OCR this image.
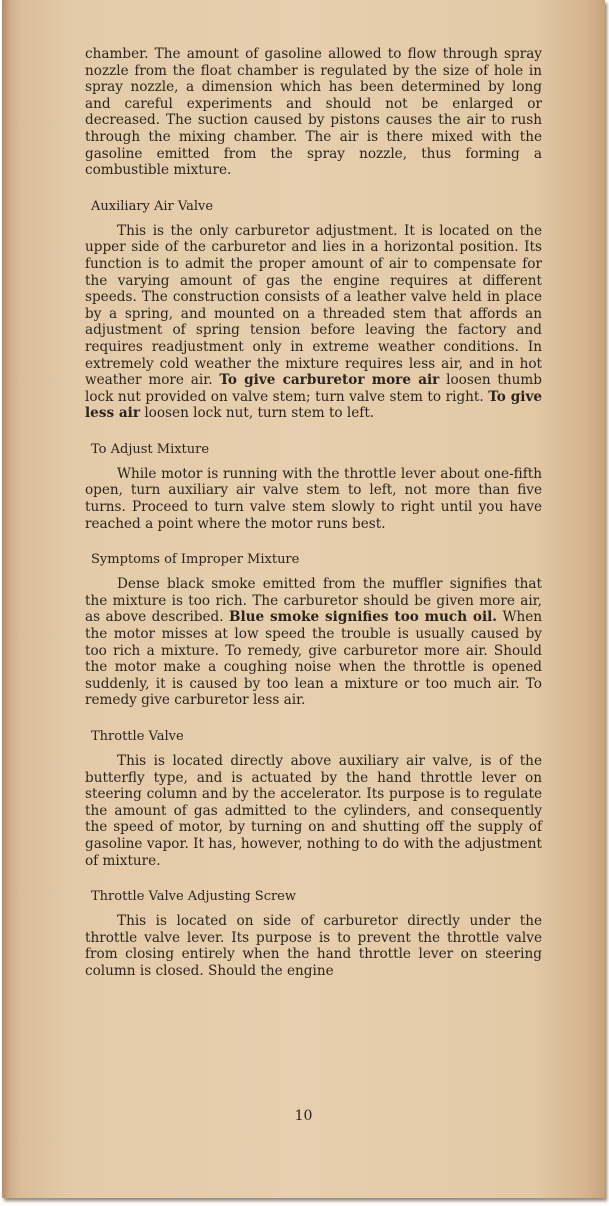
chamber. The amount of gasoline allowed to flow through spray nozzle from the float chamber is regulated by the size of hole in spray nozzle, a dimension which has been determined by long and careful experiments and should not be enlarged or decreased. The suction caused by pistons causes the air to rush through the mixing chamber. The air is there mixed with the gasoline emitted from the spray nozzle, thus forming a combustible mixture.

Auxiliary Air Valve

This is the only carburetor adjustment. It is located on the upper side of the carburetor and lies in a horizontal position. Its function is to admit the proper amount of air to compensate for the varying amount of gas the engine requires at different speeds. The construction consists of a leather valve held in place by a spring, and mounted on a threaded stem that affords an adjustment of spring tension before leaving the factory and requires readjustment only in extreme weather conditions. In extremely cold weather the mixture requires less air, and in hot weather more air. To give carburetor more air loosen thumb lock nut provided on valve stem; turn valve stem to right. To give less air loosen lock nut, turn stem to left.

To Adjust Mixture

While motor is running with the throttle lever about one-fifth open, turn auxiliary air valve stem to left, not more than five turns. Proceed to turn valve stem slowly to right until you have reached a point where the motor runs best.

Symptoms of Improper Mixture

Dense black smoke emitted from the muffler signifies that the mixture is too rich. The carburetor should be given more air, as above described. Blue smoke signifies too much oil. When the motor misses at low speed the trouble is usually caused by too rich a mixture. To remedy, give carburetor more air. Should the motor make a coughing noise when the throttle is opened suddenly, it is caused by too lean a mixture or too much air. To remedy give carburetor less air.

Throttle Valve

This is located directly above auxiliary air valve, is of the butterfly type, and is actuated by the hand throttle lever on steering column and by the accelerator. Its purpose is to regulate the amount of gas admitted to the cylinders, and consequently the speed of motor, by turning on and shutting off the supply of gasoline vapor. It has, however, nothing to do with the adjustment of mixture.

Throttle Valve Adjusting Screw

This is located on side of carburetor directly under the throttle valve lever. Its purpose is to prevent the throttle valve from closing entirely when the hand throttle lever on steering column is closed. Should the engine

10
